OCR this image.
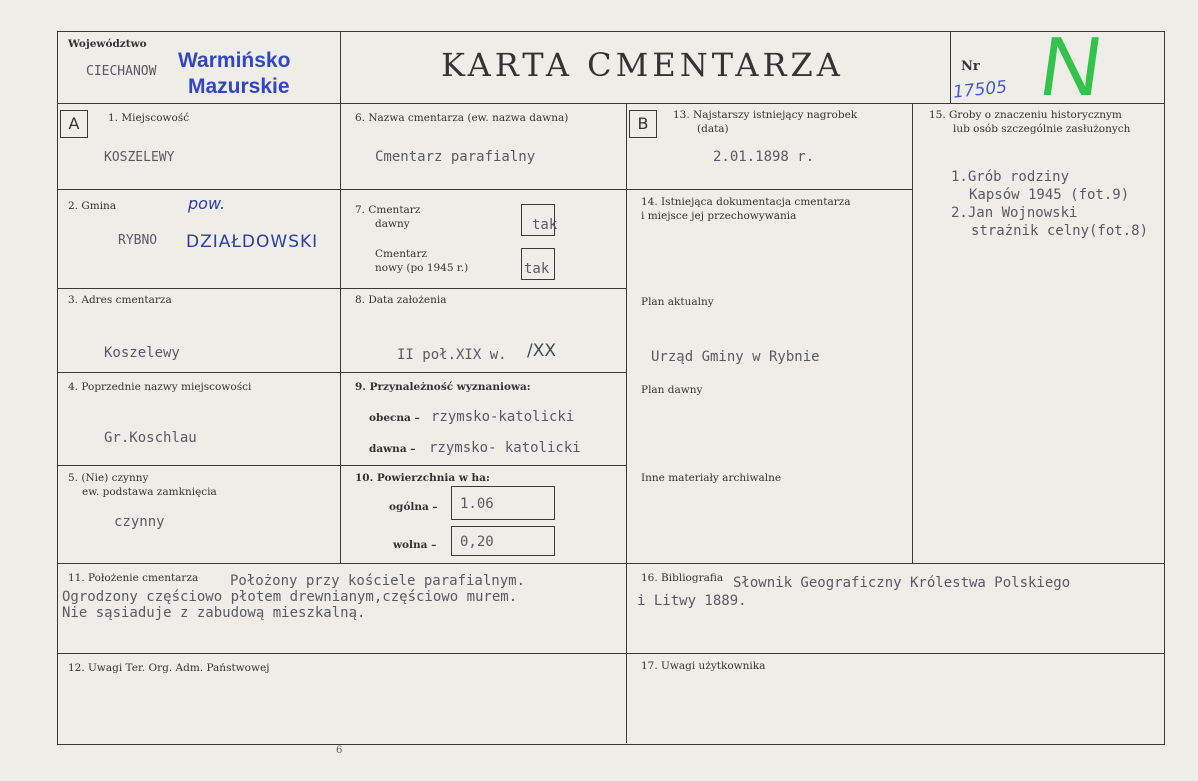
Województwo
CIECHANOW Warmińsko
Mazurskie
KARTA CMENTARZA	Nr
17505 N
A	1. Miejscowość
KOSZELEWY
2. Gmina
RYBNO
pow.
DZIAŁDOWSKI
3. Adres cmentarza
Koszelewy
4. Poprzednie nazwy miejscowości
Gr.Koschlau
5. (Nie) czynny
ew. podstawa zamknięcia
czynny
6. Nazwa cmentarza (ew. nazwa dawna)
Cmentarz parafialny
7. Cmentarz
dawny	tak
Cmentarz
nowy (po 1945 r.)	tak
8. Data założenia
II poł.XIX w. /XX
9. Przynależność wyznaniowa:
obecna – rzymsko-katolicki
dawna – rzymsko- katolicki
10. Powierzchnia w ha:
ogólna – 1.06
wolna – 0,20
B	13. Najstarszy istniejący nagrobek
(data)
2.01.1898 r.
14. Istniejąca dokumentacja cmentarza
i miejsce jej przechowywania
Plan aktualny
Urząd Gminy w Rybnie
Plan dawny
Inne materiały archiwalne
15. Groby o znaczeniu historycznym
lub osób szczególnie zasłużonych
1.Grób rodziny
Kapsów 1945 (fot.9)
2.Jan Wojnowski
strażnik celny(fot.8)
11. Położenie cmentarza Położony przy kościele parafialnym.
Ogrodzony częściowo płotem drewnianym,częściowo murem.
Nie sąsiaduje z zabudową mieszkalną.
16. Bibliografia Słownik Geograficzny Królestwa Polskiego
i Litwy 1889.
12. Uwagi Ter. Org. Adm. Państwowej	17. Uwagi użytkownika
6
